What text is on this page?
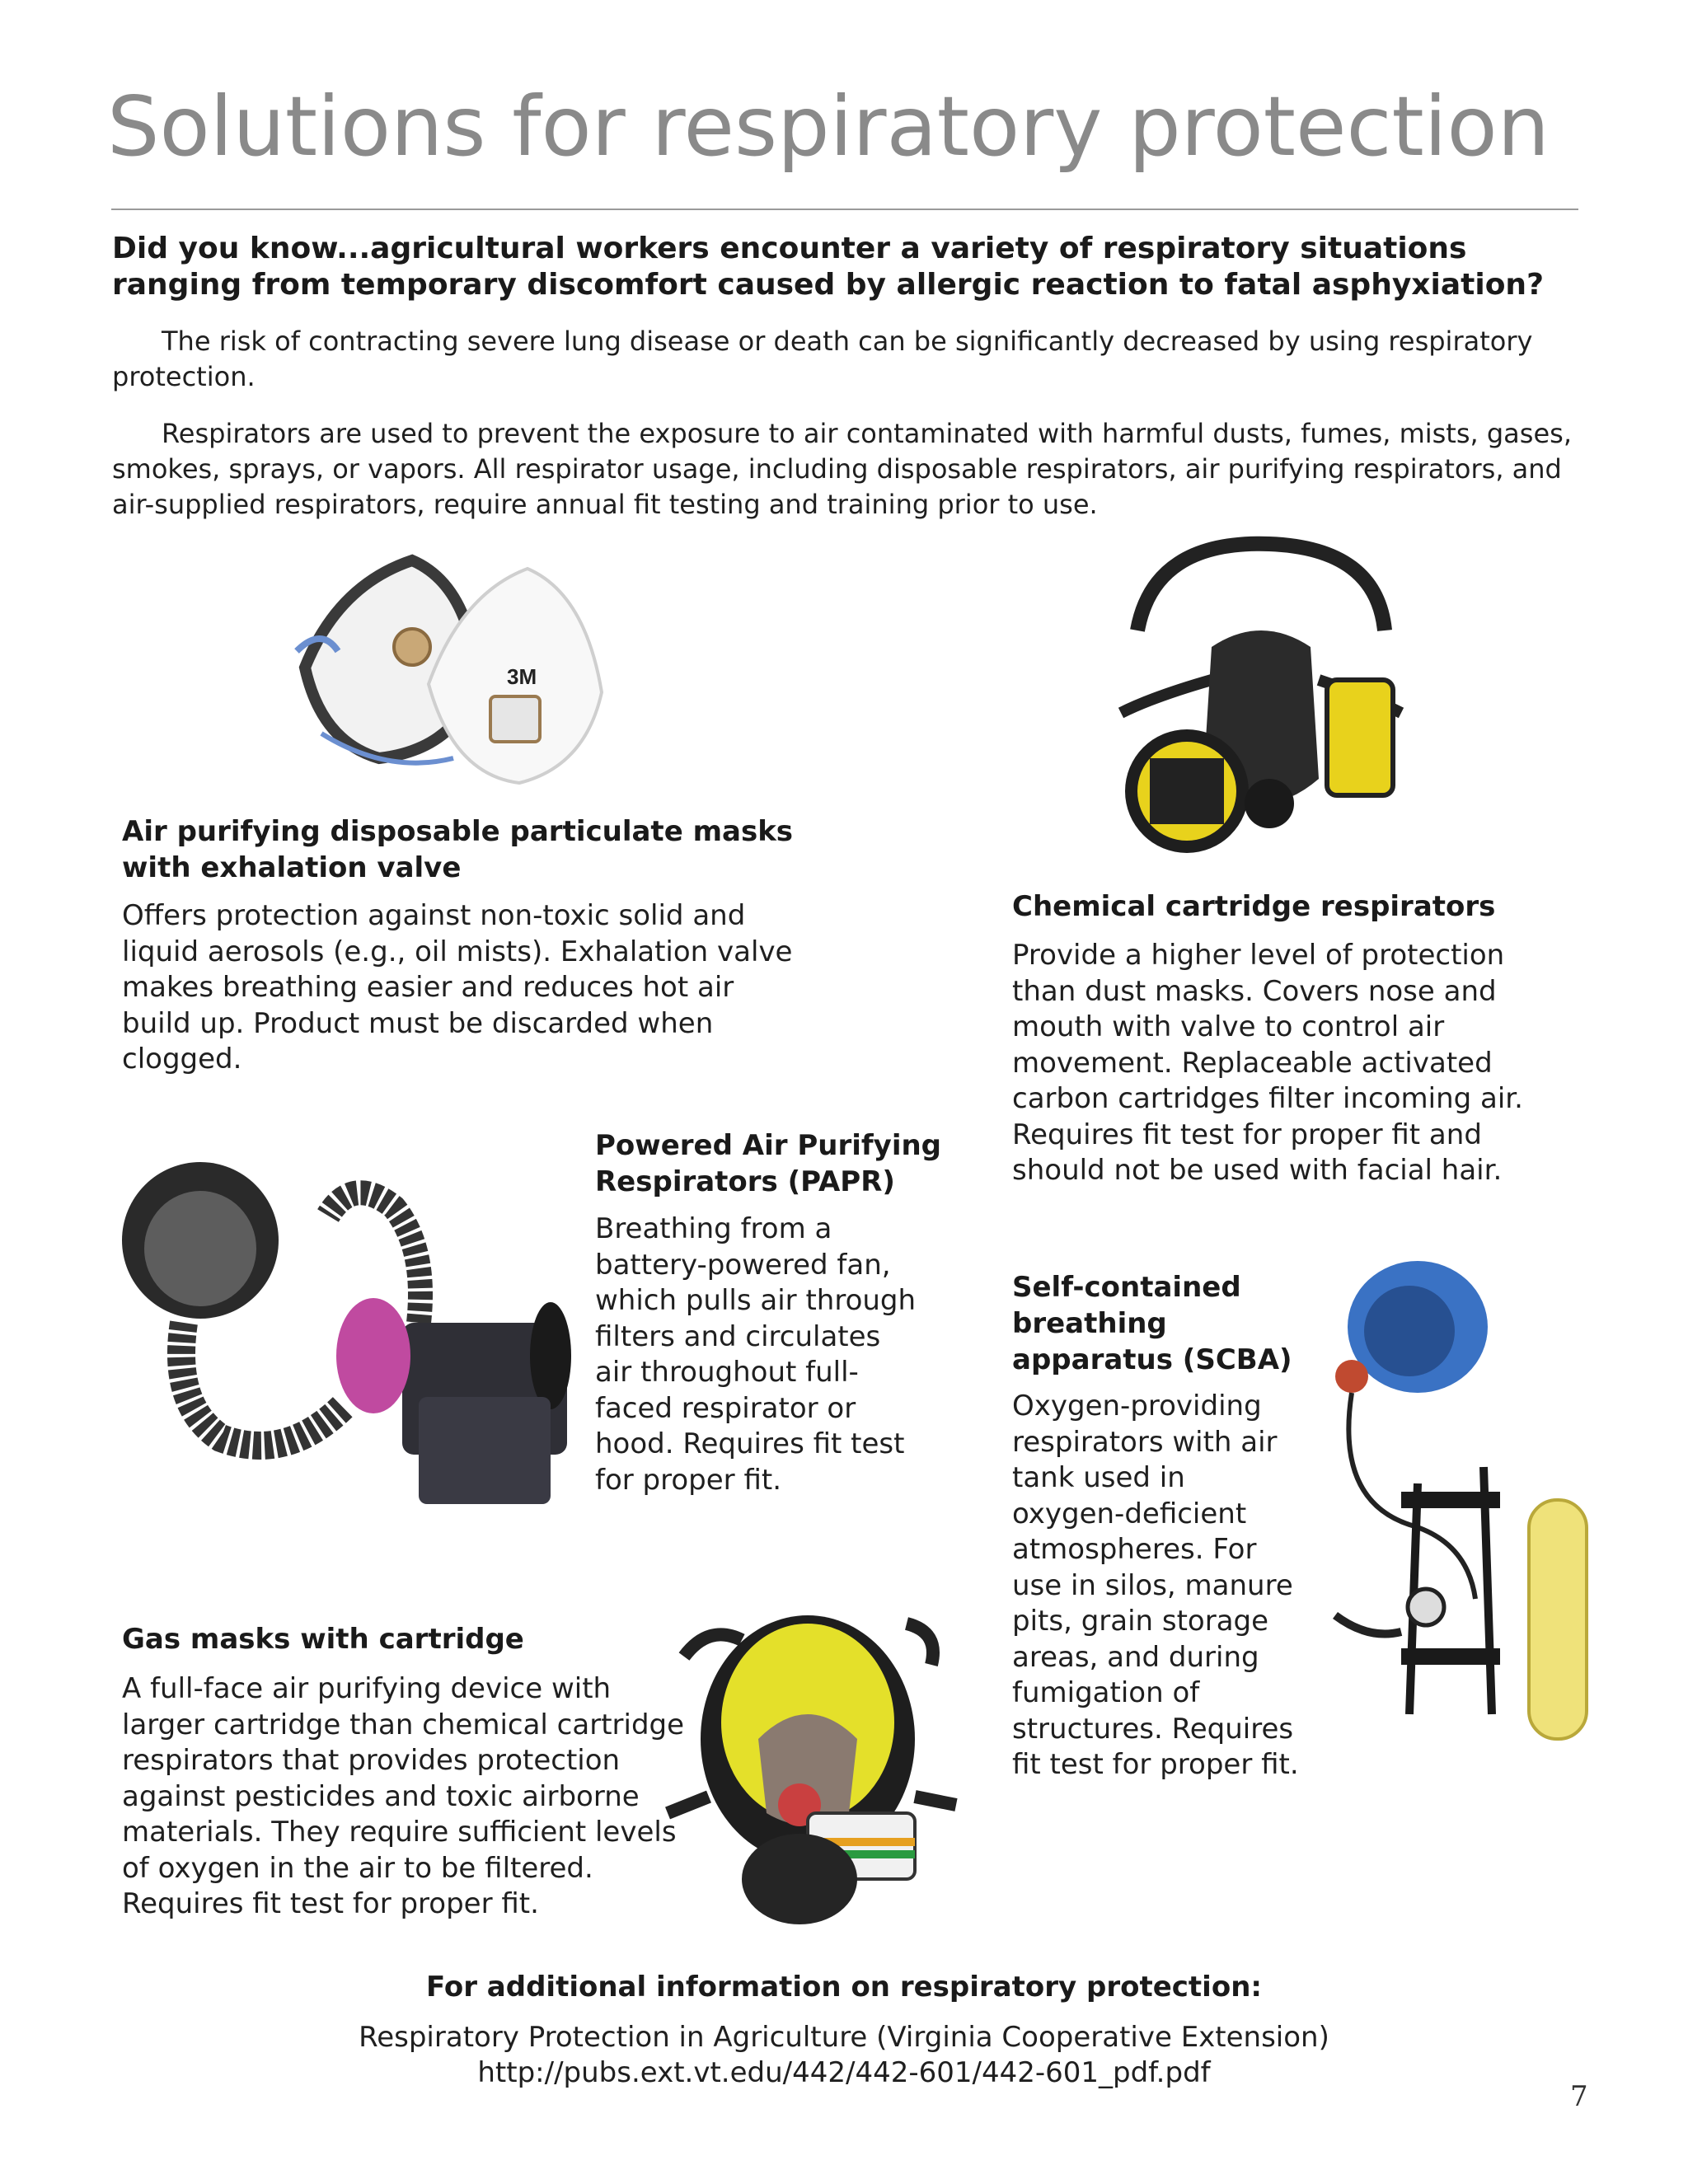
Solutions for respiratory protection
Did you know...agricultural workers encounter a variety of respiratory situations ranging from temporary discomfort caused by allergic reaction to fatal asphyxiation?
The risk of contracting severe lung disease or death can be significantly decreased by using respiratory protection.
Respirators are used to prevent the exposure to air contaminated with harmful dusts, fumes, mists, gases, smokes, sprays, or vapors. All respirator usage, including disposable respirators, air purifying respirators, and air-supplied respirators, require annual fit testing and training prior to use.
3M
Air purifying disposable particulate masks with exhalation valve
Offers protection against non-toxic solid and liquid aerosols (e.g., oil mists). Exhalation valve makes breathing easier and reduces hot air build up. Product must be discarded when clogged.
Chemical cartridge respirators
Provide a higher level of protection than dust masks. Covers nose and mouth with valve to control air movement. Replaceable activated carbon cartridges filter incoming air. Requires fit test for proper fit and should not be used with facial hair.
Powered Air Purifying Respirators (PAPR)
Breathing from a battery-powered fan, which pulls air through filters and circulates air throughout full-faced respirator or hood. Requires fit test for proper fit.
Self-contained breathing apparatus (SCBA)
Oxygen-providing respirators with air tank used in oxygen-deficient atmospheres. For use in silos, manure pits, grain storage areas, and during fumigation of structures. Requires fit test for proper fit.
Gas masks with cartridge
A full-face air purifying device with larger cartridge than chemical cartridge respirators that provides protection against pesticides and toxic airborne materials. They require sufficient levels of oxygen in the air to be filtered. Requires fit test for proper fit.
For additional information on respiratory protection:
Respiratory Protection in Agriculture (Virginia Cooperative Extension)
http://pubs.ext.vt.edu/442/442-601/442-601_pdf.pdf
7
